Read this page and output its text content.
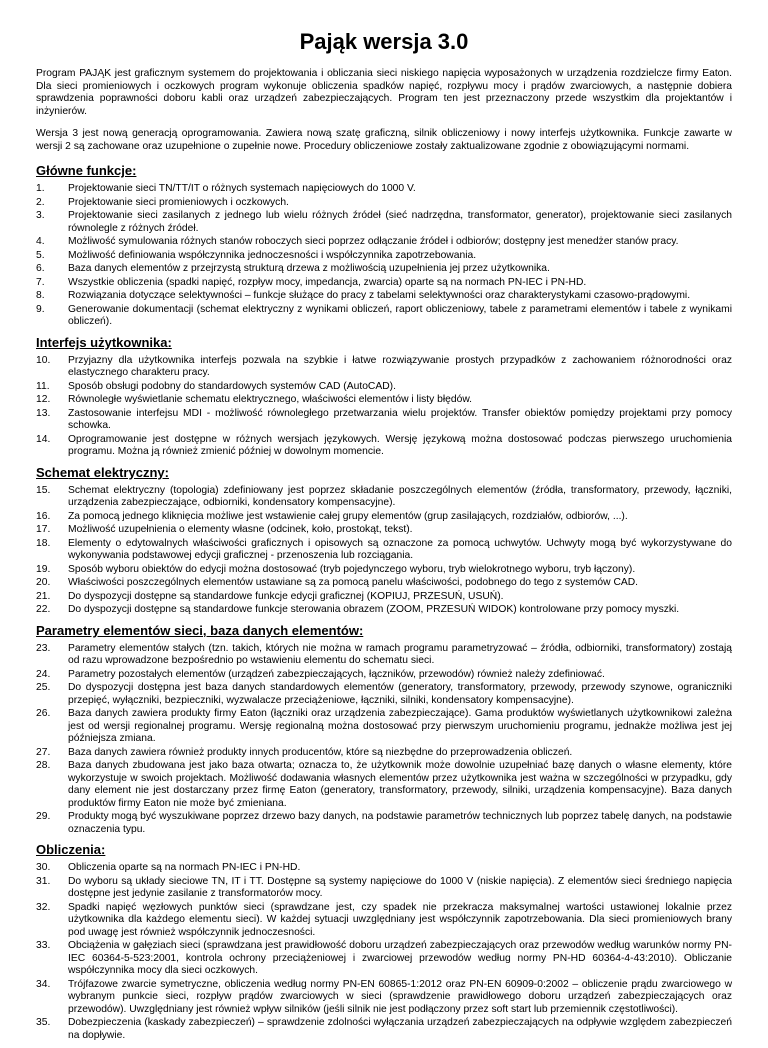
Pająk wersja 3.0

Program PAJĄK jest graficznym systemem do projektowania i obliczania sieci niskiego napięcia wyposażonych w urządzenia rozdzielcze firmy Eaton. Dla sieci promieniowych i oczkowych program wykonuje obliczenia spadków napięć, rozpływu mocy i prądów zwarciowych, a następnie dobiera sprawdzenia poprawności doboru kabli oraz urządzeń zabezpieczających. Program ten jest przeznaczony przede wszystkim dla projektantów i inżynierów.

Wersja 3 jest nową generacją oprogramowania. Zawiera nową szatę graficzną, silnik obliczeniowy i nowy interfejs użytkownika. Funkcje zawarte w wersji 2 są zachowane oraz uzupełnione o zupełnie nowe. Procedury obliczeniowe zostały zaktualizowane zgodnie z obowiązującymi normami.

Główne funkcje:
1.	Projektowanie sieci TN/TT/IT o różnych systemach napięciowych do 1000 V.
2.	Projektowanie sieci promieniowych i oczkowych.
3.	Projektowanie sieci zasilanych z jednego lub wielu różnych źródeł (sieć nadrzędna, transformator, generator), projektowanie sieci zasilanych równolegle z różnych źródeł.
4.	Możliwość symulowania różnych stanów roboczych sieci poprzez odłączanie źródeł i odbiorów; dostępny jest menedżer stanów pracy.
5.	Możliwość definiowania współczynnika jednoczesności i współczynnika zapotrzebowania.
6.	Baza danych elementów z przejrzystą strukturą drzewa z możliwością uzupełnienia jej przez użytkownika.
7.	Wszystkie obliczenia (spadki napięć, rozpływ mocy, impedancja, zwarcia) oparte są na normach PN-IEC i PN-HD.
8.	Rozwiązania dotyczące selektywności – funkcje służące do pracy z tabelami selektywności oraz charakterystykami czasowo-prądowymi.
9.	Generowanie dokumentacji (schemat elektryczny z wynikami obliczeń, raport obliczeniowy, tabele z parametrami elementów i tabele z wynikami obliczeń).
Interfejs użytkownika:
10.	Przyjazny dla użytkownika interfejs pozwala na szybkie i łatwe rozwiązywanie prostych przypadków z zachowaniem różnorodności oraz elastycznego charakteru pracy.
11.	Sposób obsługi podobny do standardowych systemów CAD (AutoCAD).
12.	Równoległe wyświetlanie schematu elektrycznego, właściwości elementów i listy błędów.
13.	Zastosowanie interfejsu MDI - możliwość równoległego przetwarzania wielu projektów. Transfer obiektów pomiędzy projektami przy pomocy schowka.
14.	Oprogramowanie jest dostępne w różnych wersjach językowych. Wersję językową można dostosować podczas pierwszego uruchomienia programu. Można ją również zmienić później w dowolnym momencie.
Schemat elektryczny:
15.	Schemat elektryczny (topologia) zdefiniowany jest poprzez składanie poszczególnych elementów (źródła, transformatory, przewody, łączniki, urządzenia zabezpieczające, odbiorniki, kondensatory kompensacyjne).
16.	Za pomocą jednego kliknięcia możliwe jest wstawienie całej grupy elementów (grup zasilających, rozdziałów, odbiorów, ...).
17.	Możliwość uzupełnienia o elementy własne (odcinek, koło, prostokąt, tekst).
18.	Elementy o edytowalnych właściwości graficznych i opisowych są oznaczone za pomocą uchwytów. Uchwyty mogą być wykorzystywane do wykonywania podstawowej edycji graficznej - przenoszenia lub rozciągania.
19.	Sposób wyboru obiektów do edycji można dostosować (tryb pojedynczego wyboru, tryb wielokrotnego wyboru, tryb łączony).
20.	Właściwości poszczególnych elementów ustawiane są za pomocą panelu właściwości, podobnego do tego z systemów CAD.
21.	Do dyspozycji dostępne są standardowe funkcje edycji graficznej (KOPIUJ, PRZESUŃ, USUŃ).
22.	Do dyspozycji dostępne są standardowe funkcje sterowania obrazem (ZOOM, PRZESUŃ WIDOK) kontrolowane przy pomocy myszki.
Parametry elementów sieci, baza danych elementów:
23.	Parametry elementów stałych (tzn. takich, których nie można w ramach programu parametryzować – źródła, odbiorniki, transformatory) zostają od razu wprowadzone bezpośrednio po wstawieniu elementu do schematu sieci.
24.	Parametry pozostałych elementów (urządzeń zabezpieczających, łączników, przewodów) również należy zdefiniować.
25.	Do dyspozycji dostępna jest baza danych standardowych elementów (generatory, transformatory, przewody, przewody szynowe, ograniczniki przepięć, wyłączniki, bezpieczniki, wyzwalacze przeciążeniowe, łączniki, silniki, kondensatory kompensacyjne).
26.	Baza danych zawiera produkty firmy Eaton (łączniki oraz urządzenia zabezpieczające). Gama produktów wyświetlanych użytkownikowi zależna jest od wersji regionalnej programu. Wersję regionalną można dostosować przy pierwszym uruchomieniu programu, jednakże możliwa jest jej późniejsza zmiana.
27.	Baza danych zawiera również produkty innych producentów, które są niezbędne do przeprowadzenia obliczeń.
28.	Baza danych zbudowana jest jako baza otwarta; oznacza to, że użytkownik może dowolnie uzupełniać bazę danych o własne elementy, które wykorzystuje w swoich projektach. Możliwość dodawania własnych elementów przez użytkownika jest ważna w szczególności w przypadku, gdy dany element nie jest dostarczany przez firmę Eaton (generatory, transformatory, przewody, silniki, urządzenia kompensacyjne). Baza danych produktów firmy Eaton nie może być zmieniana.
29.	Produkty mogą być wyszukiwane poprzez drzewo bazy danych, na podstawie parametrów technicznych lub poprzez tabelę danych, na podstawie oznaczenia typu.
Obliczenia:
30.	Obliczenia oparte są na normach PN-IEC i PN-HD.
31.	Do wyboru są układy sieciowe TN, IT i TT. Dostępne są systemy napięciowe do 1000 V (niskie napięcia). Z elementów sieci średniego napięcia dostępne jest jedynie zasilanie z transformatorów mocy.
32.	Spadki napięć węzłowych punktów sieci (sprawdzane jest, czy spadek nie przekracza maksymalnej wartości ustawionej lokalnie przez użytkownika dla każdego elementu sieci). W każdej sytuacji uwzględniany jest współczynnik zapotrzebowania. Dla sieci promieniowych brany pod uwagę jest również współczynnik jednoczesności.
33.	Obciążenia w gałęziach sieci (sprawdzana jest prawidłowość doboru urządzeń zabezpieczających oraz przewodów według warunków normy PN-IEC 60364-5-523:2001, kontrola ochrony przeciążeniowej i zwarciowej przewodów według normy PN-HD 60364-4-43:2010). Obliczanie współczynnika mocy dla sieci oczkowych.
34.	Trójfazowe zwarcie symetryczne, obliczenia według normy PN-EN 60865-1:2012 oraz PN-EN 60909-0:2002 – obliczenie prądu zwarciowego w wybranym punkcie sieci, rozpływ prądów zwarciowych w sieci (sprawdzenie prawidłowego doboru urządzeń zabezpieczających oraz przewodów). Uwzględniany jest również wpływ silników (jeśli silnik nie jest podłączony przez soft start lub przemiennik częstotliwości).
35.	Dobezpieczenia (kaskady zabezpieczeń) – sprawdzenie zdolności wyłączania urządzeń zabezpieczających na odpływie względem zabezpieczeń na dopływie.
